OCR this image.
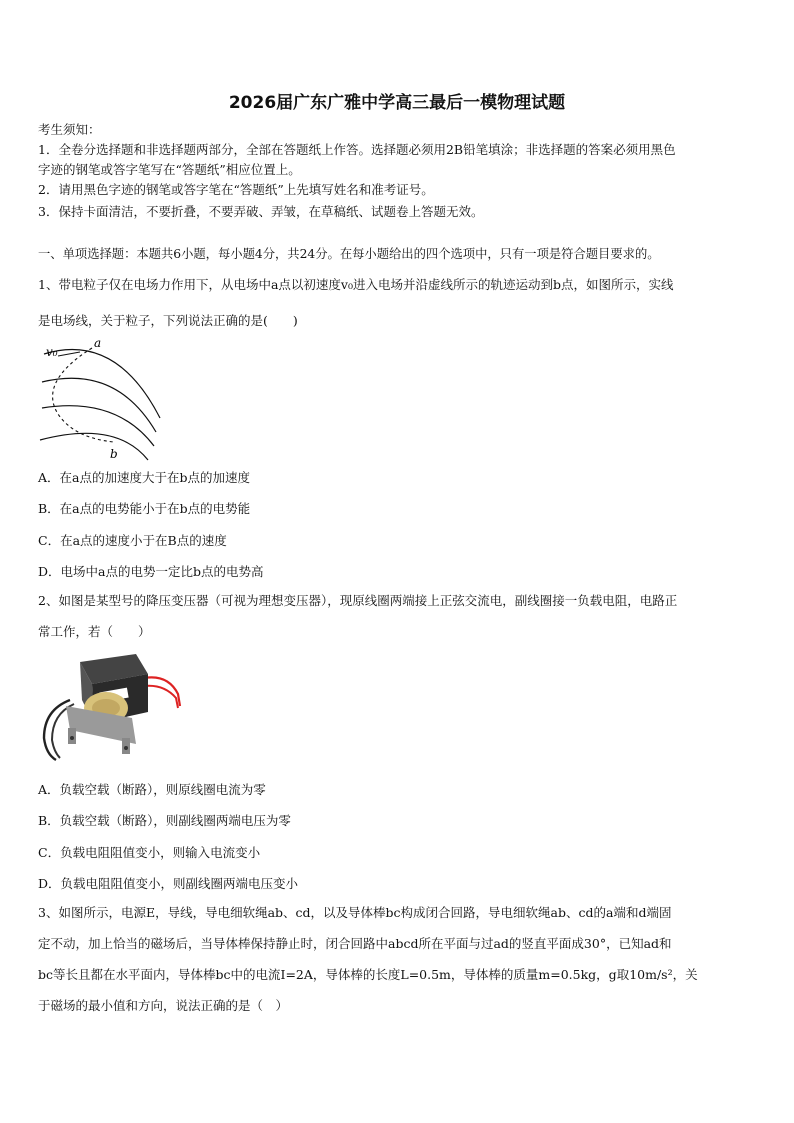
2026届广东广雅中学高三最后一模物理试题
考生须知：
1．全卷分选择题和非选择题两部分，全部在答题纸上作答。选择题必须用2B铅笔填涂；非选择题的答案必须用黑色
字迹的钢笔或答字笔写在“答题纸”相应位置上。
2．请用黑色字迹的钢笔或答字笔在“答题纸”上先填写姓名和准考证号。
3．保持卡面清洁，不要折叠，不要弄破、弄皱，在草稿纸、试题卷上答题无效。
一、单项选择题：本题共6小题，每小题4分，共24分。在每小题给出的四个选项中，只有一项是符合题目要求的。
1、带电粒子仅在电场力作用下，从电场中a点以初速度v₀进入电场并沿虚线所示的轨迹运动到b点，如图所示，实线
是电场线，关于粒子，下列说法正确的是(　　)
v₀
a
b
A．在a点的加速度大于在b点的加速度
B．在a点的电势能小于在b点的电势能
C．在a点的速度小于在B点的速度
D．电场中a点的电势一定比b点的电势高
2、如图是某型号的降压变压器（可视为理想变压器），现原线圈两端接上正弦交流电，副线圈接一负载电阻，电路正
常工作，若（　　）
A．负载空载（断路），则原线圈电流为零
B．负载空载（断路），则副线圈两端电压为零
C．负载电阻阻值变小，则输入电流变小
D．负载电阻阻值变小，则副线圈两端电压变小
3、如图所示，电源E，导线，导电细软绳ab、cd，以及导体棒bc构成闭合回路，导电细软绳ab、cd的a端和d端固
定不动，加上恰当的磁场后，当导体棒保持静止时，闭合回路中abcd所在平面与过ad的竖直平面成30°，已知ad和
bc等长且都在水平面内，导体棒bc中的电流I=2A，导体棒的长度L=0.5m，导体棒的质量m=0.5kg，g取10m/s²，关
于磁场的最小值和方向，说法正确的是（　）
